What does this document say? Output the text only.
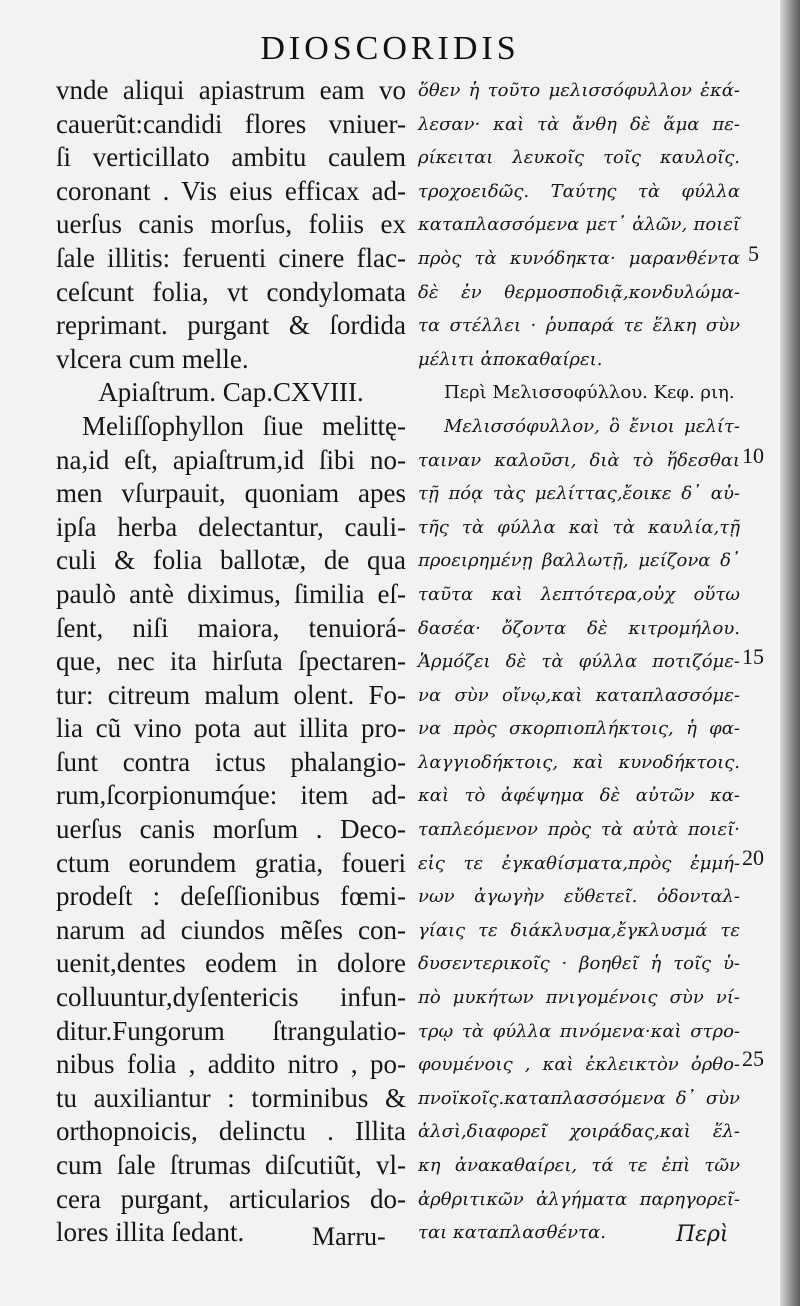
DIOSCORIDIS
vnde aliqui apiastrum eam vo
cauerũt:candidi flores vniuer-
ſi verticillato ambitu caulem
coronant . Vis eius efficax ad-
uerſus canis morſus, foliis ex
ſale illitis: feruenti cinere flac-
ceſcunt folia, vt condylomata
reprimant. purgant & ſordida
vlcera cum melle.
Apiaſtrum. Cap.CXVIII.
Meliſſophyllon ſiue melittę-
na,id eſt, apiaſtrum,id ſibi no-
men vſurpauit, quoniam apes
ipſa herba delectantur, cauli-
culi & folia ballotæ, de qua
paulò antè diximus, ſimilia eſ-
ſent, niſi maiora, tenuiorá-
que, nec ita hirſuta ſpectaren-
tur: citreum malum olent. Fo-
lia cũ vino pota aut illita pro-
ſunt contra ictus phalangio-
rum,ſcorpionumq́ue: item ad-
uerſus canis morſum . Deco-
ctum eorundem gratia, foueri
prodeſt : deſeſſionibus fœmi-
narum ad ciundos mẽſes con-
uenit,dentes eodem in dolore
colluuntur,dyſentericis infun-
ditur.Fungorum ſtrangulatio-
nibus folia , addito nitro , po-
tu auxiliantur : torminibus &
orthopnoicis, delinctu . Illita
cum ſale ſtrumas diſcutiũt, vl-
cera purgant, articularios do-
lores illita ſedant.
ὅθεν ἡ τοῦτο μελισσόφυλλον ἐκά-
λεσαν· καὶ τὰ ἄνθη δὲ ἅμα πε-
ρίκειται λευκοῖς τοῖς καυλοῖς.
τροχοειδῶς. Ταύτης τὰ φύλλα
καταπλασσόμενα μετ᾽ ἁλῶν, ποιεῖ
πρὸς τὰ κυνόδηκτα· μαρανθέντα
δὲ ἐν θερμοσποδιᾷ,κονδυλώμα-
τα στέλλει · ῥυπαρά τε ἕλκη σὺν
μέλιτι ἀποκαθαίρει.
Περὶ Μελισσοφύλλου. Κεφ. ριη.
Μελισσόφυλλον, ὃ ἔνιοι μελίτ-
ταιναν καλοῦσι, διὰ τὸ ἥδεσθαι
τῇ πόᾳ τὰς μελίττας,ἔοικε δ᾽ αὐ-
τῆς τὰ φύλλα καὶ τὰ καυλία,τῇ
προειρημένῃ βαλλωτῇ, μείζονα δ᾽
ταῦτα καὶ λεπτότερα,οὐχ οὕτω
δασέα· ὄζοντα δὲ κιτρομήλου.
Ἁρμόζει δὲ τὰ φύλλα ποτιζόμε-
να σὺν οἴνῳ,καὶ καταπλασσόμε-
να πρὸς σκορπιοπλήκτοις, ἡ φα-
λαγγιοδήκτοις, καὶ κυνοδήκτοις.
καὶ τὸ ἀφέψημα δὲ αὐτῶν κα-
ταπλεόμενον πρὸς τὰ αὐτὰ ποιεῖ·
εἰς τε ἐγκαθίσματα,πρὸς ἐμμή-
νων ἀγωγὴν εὔθετεῖ. ὀδονταλ-
γίαις τε διάκλυσμα,ἔγκλυσμά τε
δυσεντερικοῖς · βοηθεῖ ἡ τοῖς ὑ-
πὸ μυκήτων πνιγομένοις σὺν νί-
τρῳ τὰ φύλλα πινόμενα·καὶ στρο-
φουμένοις , καὶ ἐκλεικτὸν ὀρθο-
πνοϊκοῖς.καταπλασσόμενα δ᾽ σὺν
ἁλσὶ,διαφορεῖ χοιράδας,καὶ ἕλ-
κη ἀνακαθαίρει, τά τε ἐπὶ τῶν
ἀρθριτικῶν ἀλγήματα παρηγορεῖ-
ται καταπλασθέντα.
5
10
15
20
25
Marru-	Περὶ
